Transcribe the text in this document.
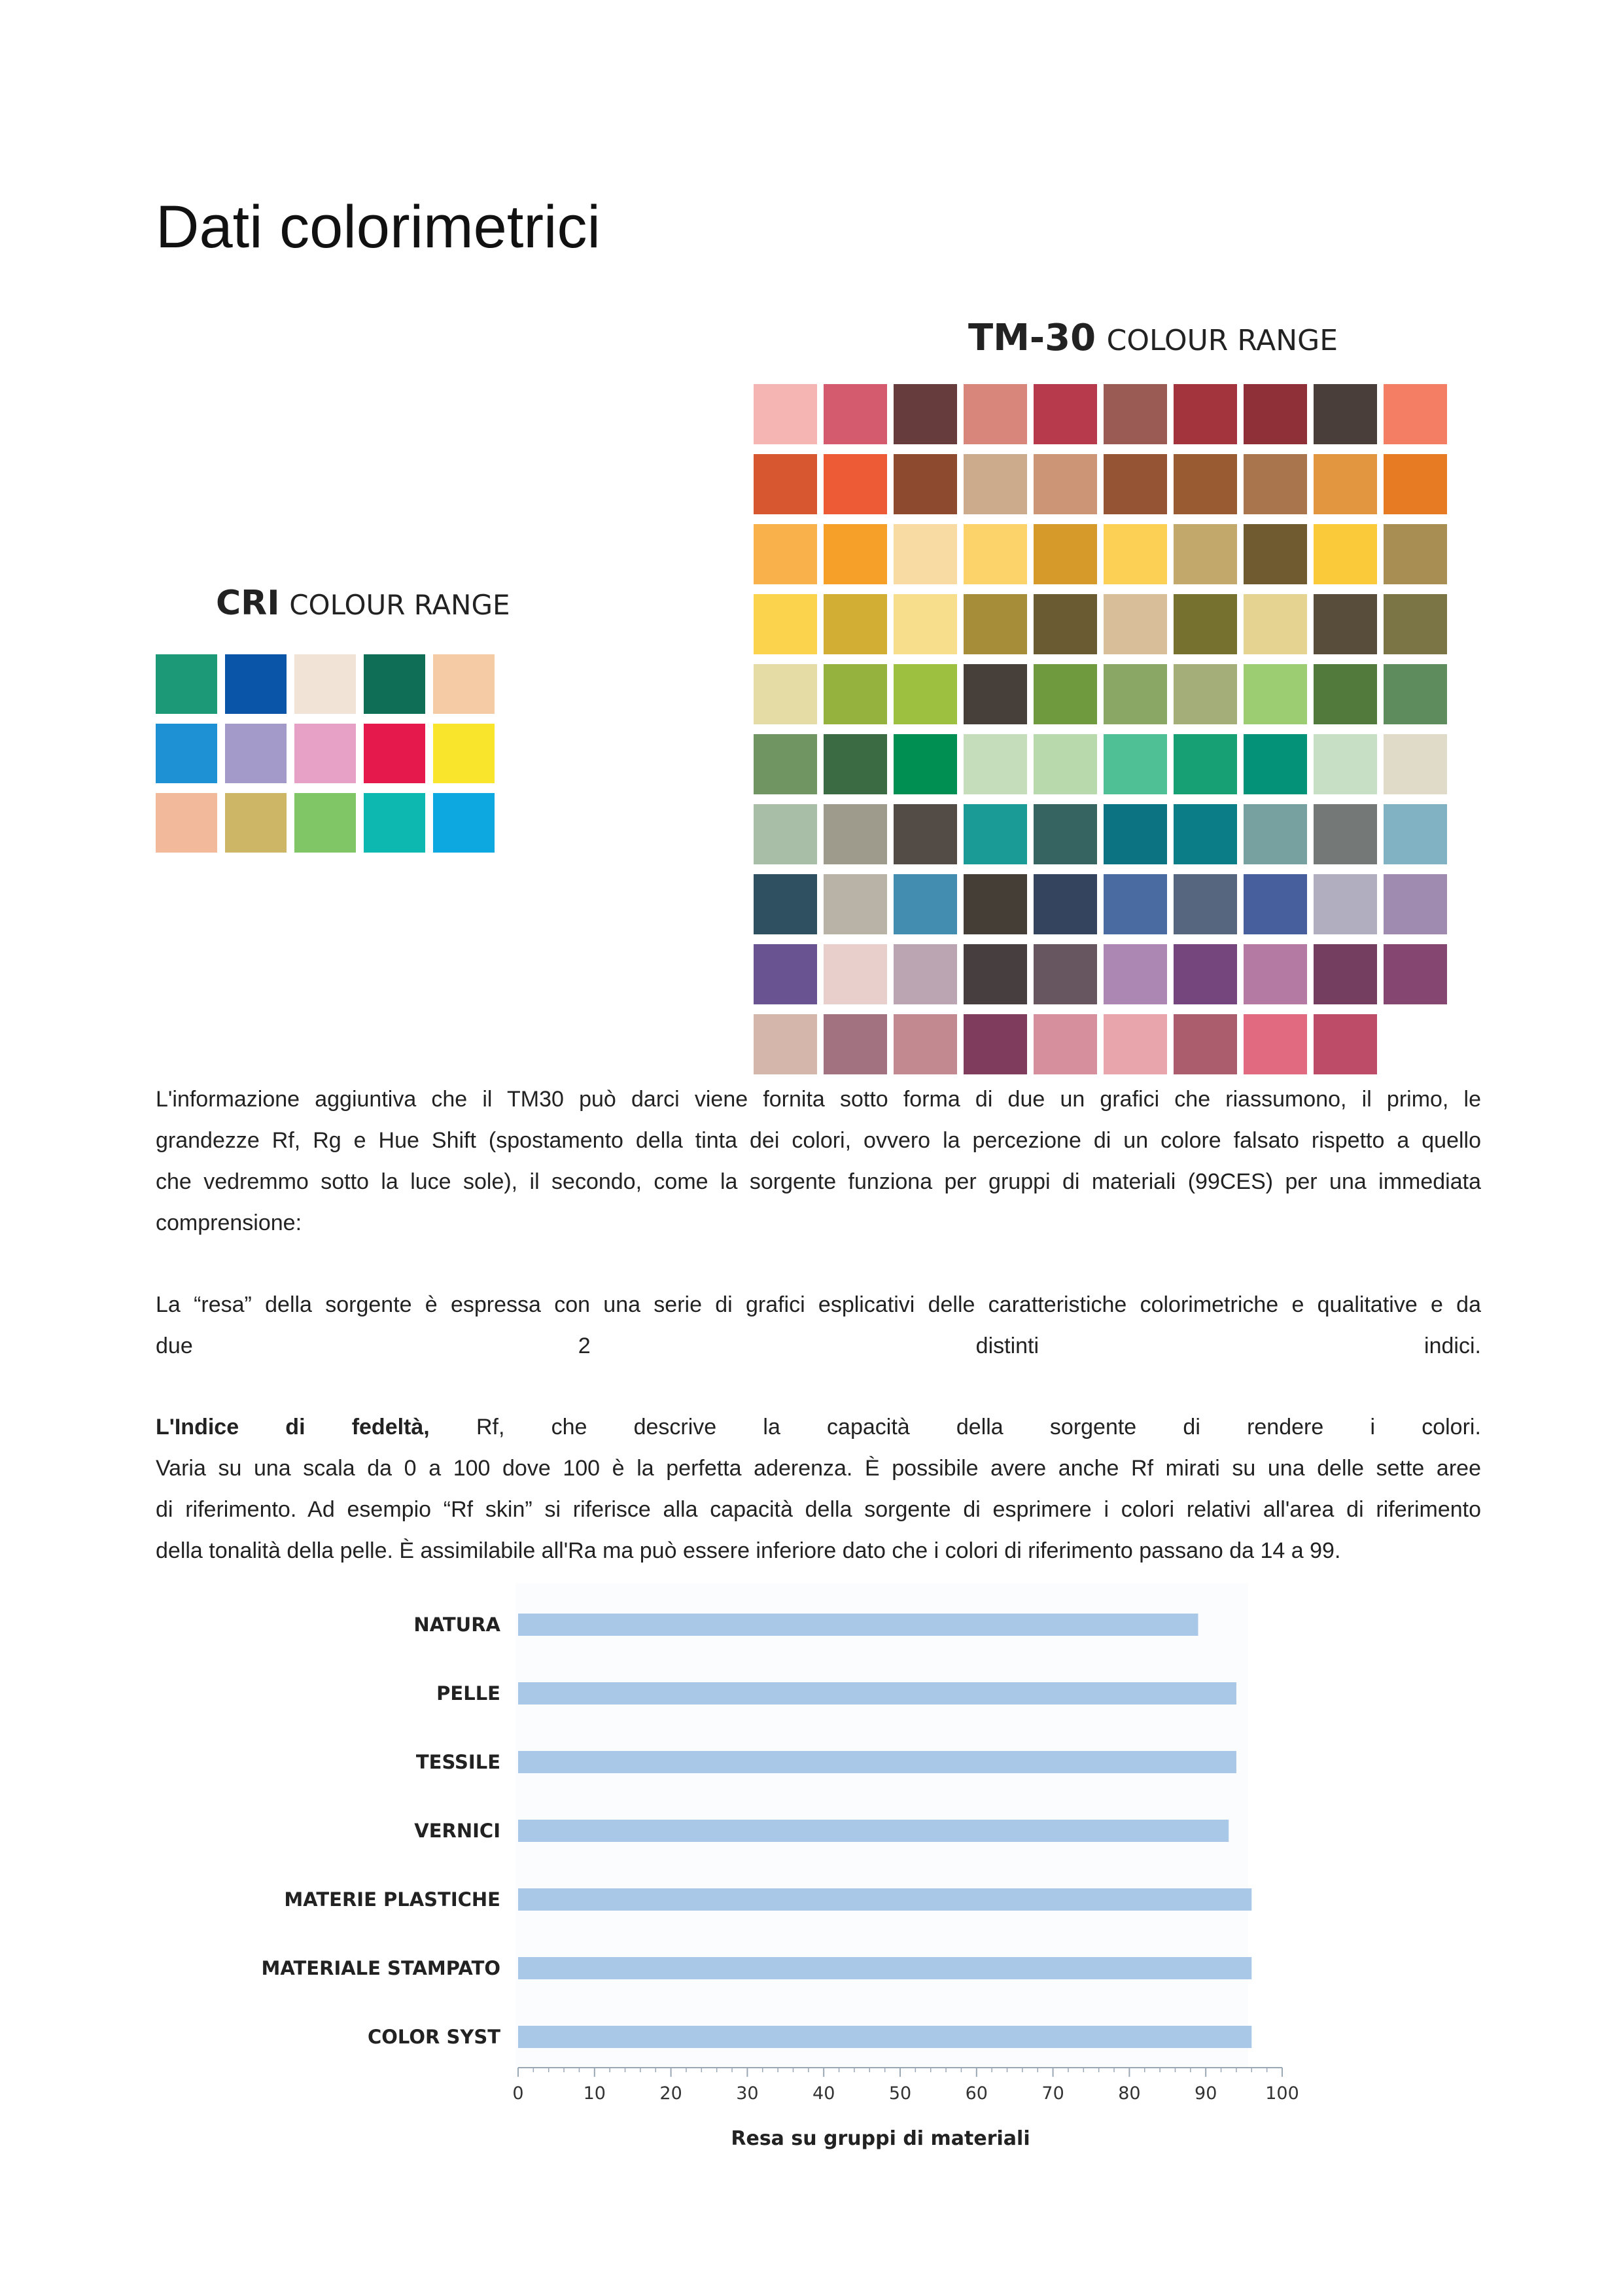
Dati colorimetrici
TM-30 COLOUR RANGE
CRI COLOUR RANGE
L'informazione aggiuntiva che il TM30 può darci viene fornita sotto forma di due un grafici che riassumono, il primo, le
grandezze Rf, Rg e Hue Shift (spostamento della tinta dei colori, ovvero la percezione di un colore falsato rispetto a quello
che vedremmo sotto la luce sole), il secondo, come la sorgente funziona per gruppi di materiali (99CES) per una immediata
comprensione:
La “resa” della sorgente è espressa con una serie di grafici esplicativi delle caratteristiche colorimetriche e qualitative e da
due	2	distinti	indici.
L'Indice di fedeltà, Rf, che descrive la capacità della sorgente di rendere i colori.
Varia su una scala da 0 a 100 dove 100 è la perfetta aderenza. È possibile avere anche Rf mirati su una delle sette aree
di riferimento. Ad esempio “Rf skin” si riferisce alla capacità della sorgente di esprimere i colori relativi all'area di riferimento
della tonalità della pelle. È assimilabile all'Ra ma può essere inferiore dato che i colori di riferimento passano da 14 a 99.
NATURA
PELLE
TESSILE
VERNICI
MATERIE PLASTICHE
MATERIALE STAMPATO
COLOR SYST
0	10	20	30	40	50	60	70	80	90	100
Resa su gruppi di materiali
